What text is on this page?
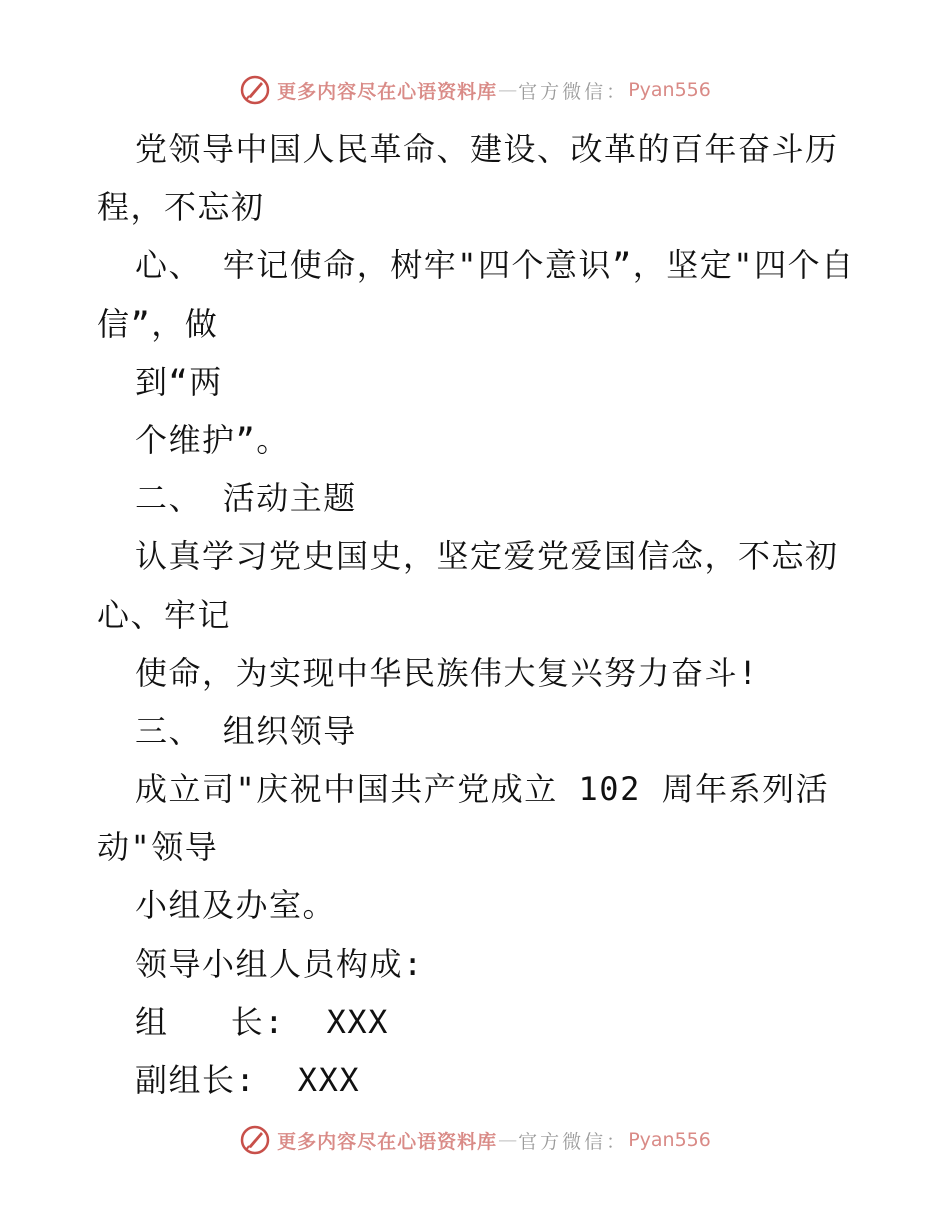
更多内容尽在心语资料库 — 官方微信： Pyan556
党领导中国人民革命、建设、改革的百年奋斗历
程，不忘初
心、 牢记使命，树牢"四个意识”，坚定"四个自
信”，做
到“两
个维护”。
二、 活动主题
认真学习党史国史，坚定爱党爱国信念，不忘初
心、牢记
使命，为实现中华民族伟大复兴努力奋斗!
三、 组织领导
成立司"庆祝中国共产党成立 102 周年系列活
动"领导
小组及办室。
领导小组人员构成:
组   长:  XXX
副组长:  XXX
更多内容尽在心语资料库 — 官方微信： Pyan556
